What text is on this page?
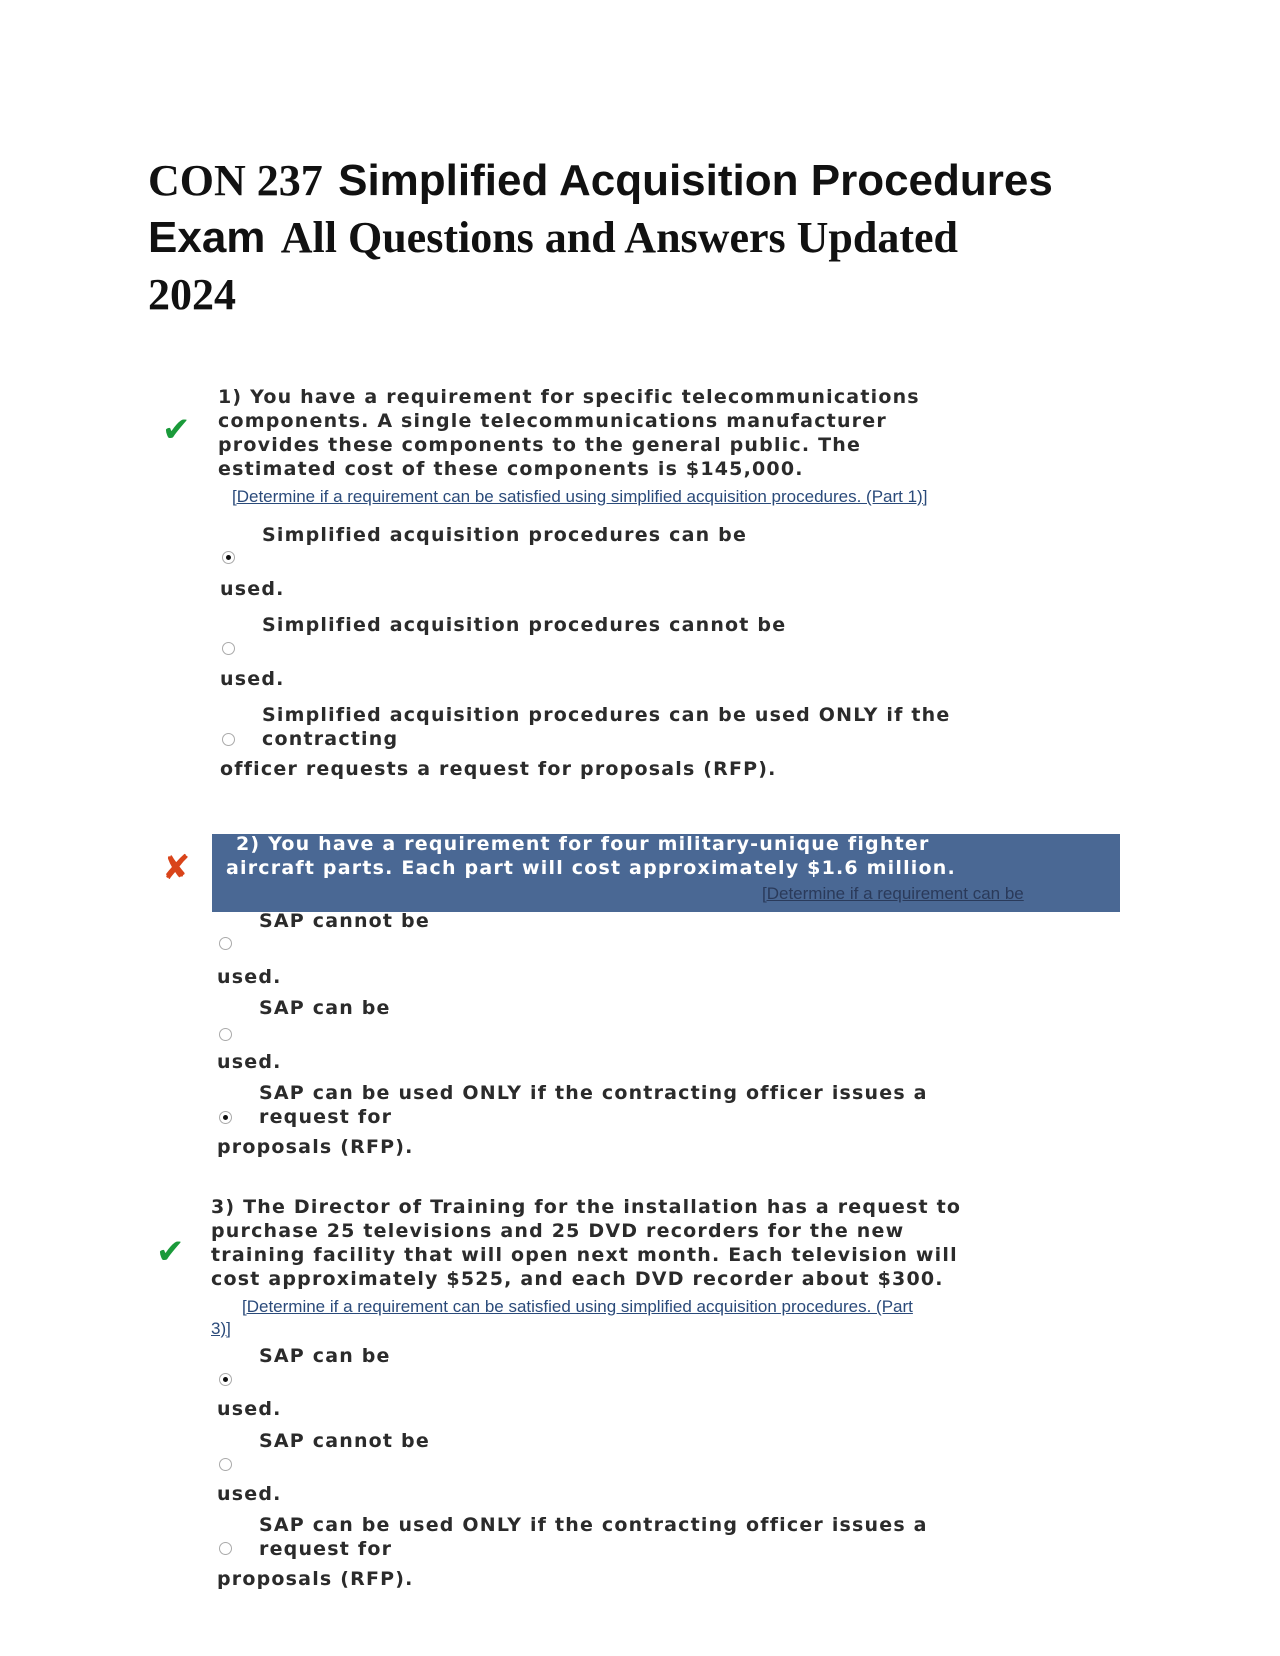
CON 237 Simplified Acquisition Procedures
Exam All Questions and Answers Updated
2024
✔
1) You have a requirement for specific telecommunications
components. A single telecommunications manufacturer
provides these components to the general public. The
estimated cost of these components is $145,000.
[Determine if a requirement can be satisfied using simplified acquisition procedures. (Part 1)]
Simplified acquisition procedures can be
used.
Simplified acquisition procedures cannot be
used.
Simplified acquisition procedures can be used ONLY if the
contracting
officer requests a request for proposals (RFP).
✘
2) You have a requirement for four military-unique fighter
aircraft parts. Each part will cost approximately $1.6 million.
[Determine if a requirement can be
SAP cannot be
used.
SAP can be
used.
SAP can be used ONLY if the contracting officer issues a
request for
proposals (RFP).
✔
3) The Director of Training for the installation has a request to
purchase 25 televisions and 25 DVD recorders for the new
training facility that will open next month. Each television will
cost approximately $525, and each DVD recorder about $300.
[Determine if a requirement can be satisfied using simplified acquisition procedures. (Part
3)]
SAP can be
used.
SAP cannot be
used.
SAP can be used ONLY if the contracting officer issues a
request for
proposals (RFP).
